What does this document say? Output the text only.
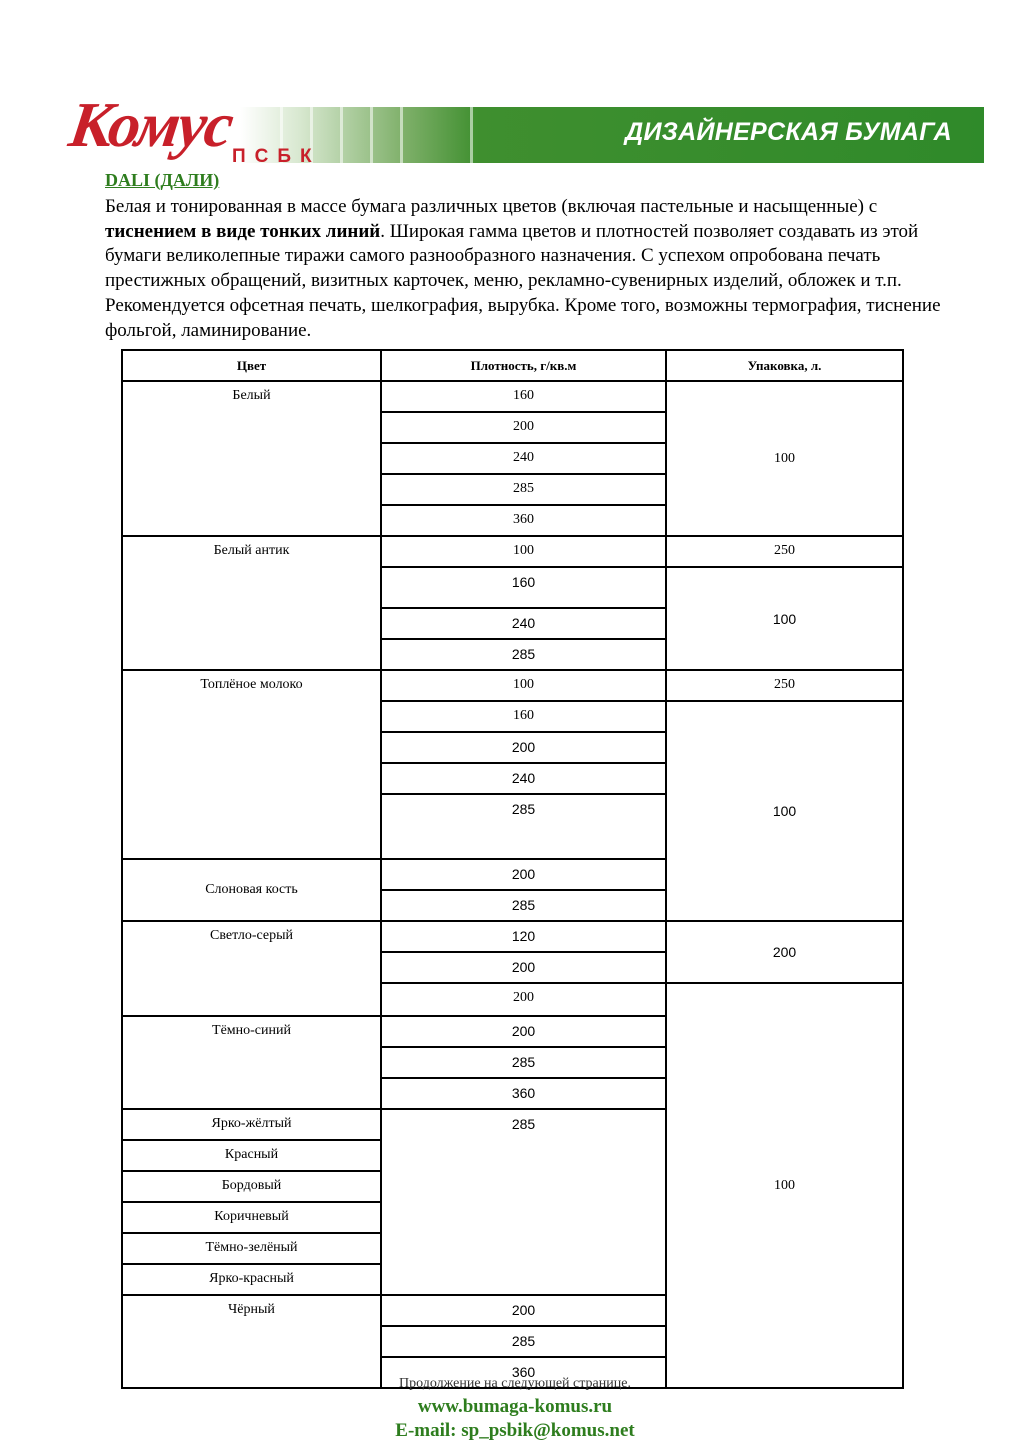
ДИЗАЙНЕРСКАЯ БУМАГА
Комус
ПСБК
DALI (ДАЛИ)

Белая и тонированная в массе бумага различных цветов (включая пастельные и насыщенные) с тиснением в виде тонких линий. Широкая гамма цветов и плотностей позволяет создавать из этой бумаги великолепные тиражи самого разнообразного назначения. С успехом опробована печать престижных обращений, визитных карточек, меню, рекламно-сувенирных изделий, обложек и т.п. Рекомендуется офсетная печать, шелкография, вырубка. Кроме того, возможны термография, тиснение фольгой, ламинирование.

Цвет	Плотность, г/кв.м	Упаковка, л.
Белый	160	100
	200	
	240	
	285	
	360	
Белый антик	100	250
	160	100
	240	
	285	
Топлёное молоко	100	250
	160	100
	200	
	240	
	285	
Слоновая кость	200	
	285	
Светло-серый	120	200
	200	
	200	100
Тёмно-синий	200	
	285	
	360	
Ярко-жёлтый	285	
Красный		
Бордовый		
Коричневый		
Тёмно-зелёный		
Ярко-красный		
Чёрный	200	
	285	
	360	
Продолжение на следующей странице.
www.bumaga-komus.ru
E-mail: sp_psbik@komus.net
